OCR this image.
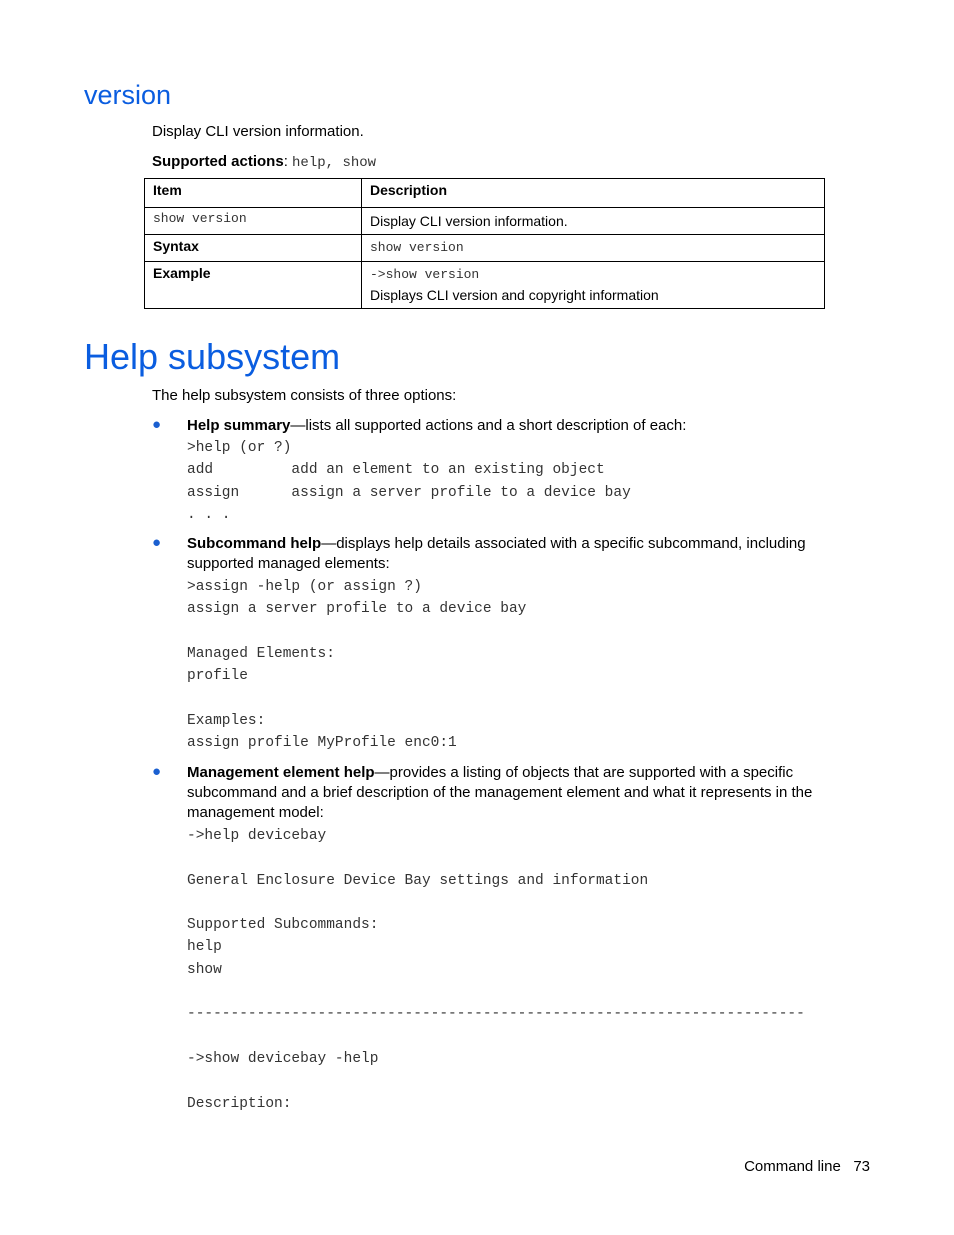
version
Display CLI version information.
Supported actions: help, show
Item	Description
show version	Display CLI version information.

Syntax	show version

Example	->show version
Displays CLI version and copyright information
Help subsystem
The help subsystem consists of three options:
● Help summary—lists all supported actions and a short description of each:
>help (or ?)
add         add an element to an existing object
assign      assign a server profile to a device bay
. . .
● Subcommand help—displays help details associated with a specific subcommand, including supported managed elements:
>assign -help (or assign ?)
assign a server profile to a device bay

Managed Elements:
profile

Examples:
assign profile MyProfile enc0:1
● Management element help—provides a listing of objects that are supported with a specific subcommand and a brief description of the management element and what it represents in the management model:
->help devicebay

General Enclosure Device Bay settings and information

Supported Subcommands:
help
show

-----------------------------------------------------------------------

->show devicebay -help

Description:
Command line 73
